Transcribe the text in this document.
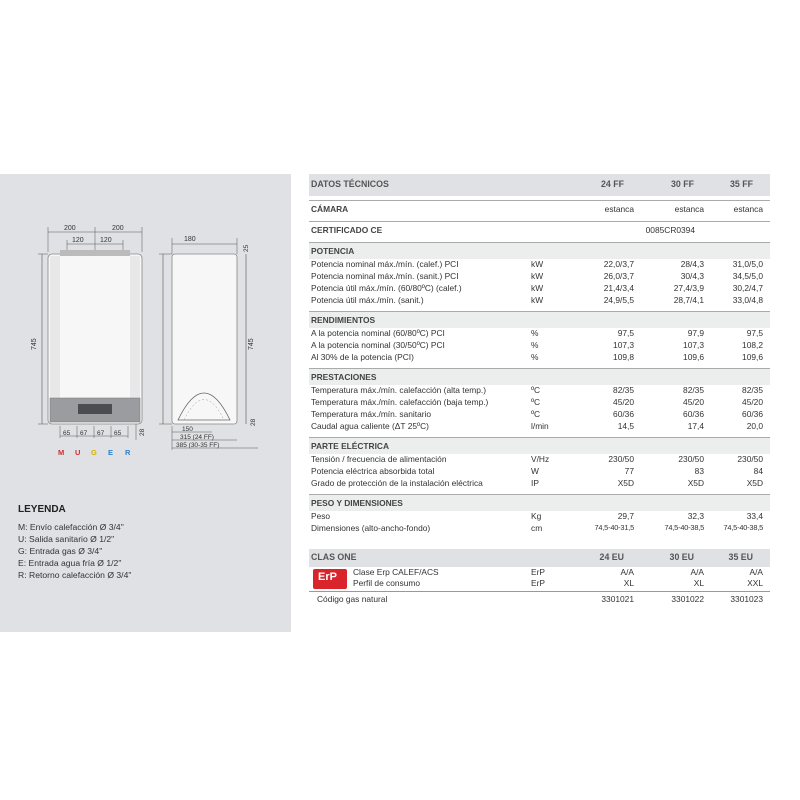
200	200
120 120
745
65 67 67 65	28
M U G E R
180
25
745
28
150
315 (24 FF)
385 (30-35 FF)
LEYENDA
M: Envío calefacción Ø 3/4"
U: Salida sanitario Ø 1/2"
G: Entrada gas Ø 3/4"
E: Entrada agua fría Ø 1/2"
R: Retorno calefacción Ø 3/4"
DATOS TÉCNICOS	24 FF	30 FF	35 FF
CÁMARA	estanca	estanca	estanca
CERTIFICADO CE	0085CR0394
POTENCIA
Potencia nominal máx./mín. (calef.) PCI	kW	22,0/3,7	28/4,3	31,0/5,0
Potencia nominal máx./mín. (sanit.) PCI	kW	26,0/3,7	30/4,3	34,5/5,0
Potencia útil máx./mín. (60/80ºC) (calef.)	kW	21,4/3,4	27,4/3,9	30,2/4,7
Potencia útil máx./mín. (sanit.)	kW	24,9/5,5	28,7/4,1	33,0/4,8
RENDIMIENTOS
A la potencia nominal (60/80ºC) PCI	%	97,5	97,9	97,5
A la potencia nominal (30/50ºC) PCI	%	107,3	107,3	108,2
Al 30% de la potencia (PCI)	%	109,8	109,6	109,6
PRESTACIONES
Temperatura máx./mín. calefacción (alta temp.)	ºC	82/35	82/35	82/35
Temperatura máx./mín. calefacción (baja temp.)	ºC	45/20	45/20	45/20
Temperatura máx./mín. sanitario	ºC	60/36	60/36	60/36
Caudal agua caliente (ΔT 25ºC)	l/min	14,5	17,4	20,0
PARTE ELÉCTRICA
Tensión / frecuencia de alimentación	V/Hz	230/50	230/50	230/50
Potencia eléctrica absorbida total	W	77	83	84
Grado de protección de la instalación eléctrica	IP	X5D	X5D	X5D
PESO Y DIMENSIONES
Peso	Kg	29,7	32,3	33,4
Dimensiones (alto-ancho-fondo)	cm	74,5-40-31,5	74,5-40-38,5	74,5-40-38,5
CLAS ONE	24 EU	30 EU	35 EU
ErP Clase Erp CALEF/ACS	ErP	A/A	A/A	A/A
Perfil de consumo	ErP	XL	XL	XXL
Código gas natural	3301021	3301022	3301023
